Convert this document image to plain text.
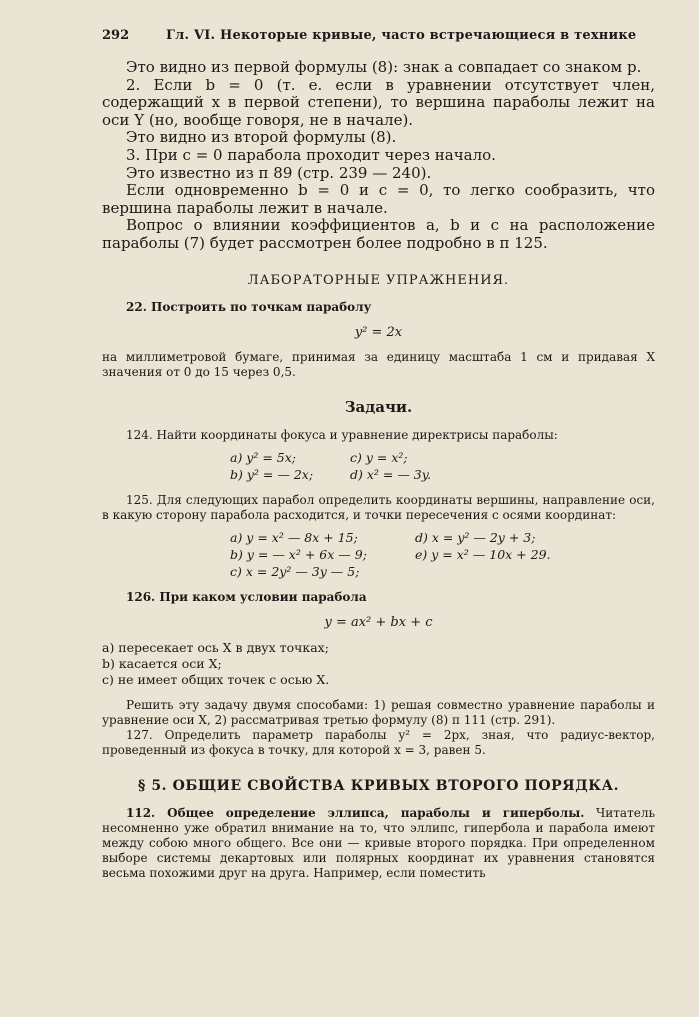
292	Гл. VI. Некоторые кривые, часто встречающиеся в технике

Это видно из первой формулы (8): знак a совпадает со знаком p.

2. Если b = 0 (т. е. если в уравнении отсутствует член, содержащий x в первой степени), то вершина параболы лежит на оси Y (но, вообще говоря, не в начале).

Это видно из второй формулы (8).

3. При c = 0 парабола проходит через начало.

Это известно из п 89 (стр. 239 — 240).

Если одновременно b = 0 и c = 0, то легко сообразить, что вершина параболы лежит в начале.

Вопрос о влиянии коэффициентов a, b и c на расположение параболы (7) будет рассмотрен более подробно в п 125.

ЛАБОРАТОРНЫЕ УПРАЖНЕНИЯ.

22. Построить по точкам параболу

y² = 2x

на миллиметровой бумаге, принимая за единицу масштаба 1 см и придавая X значения от 0 до 15 через 0,5.

Задачи.

124. Найти координаты фокуса и уравнение директрисы параболы:

a) y² = 5x;	c) y = x²;
b) y² = — 2x;	d) x² = — 3y.

125. Для следующих парабол определить координаты вершины, направление оси, в какую сторону парабола расходится, и точки пересечения с осями координат:

a) y = x² — 8x + 15;	d) x = y² — 2y + 3;
b) y = — x² + 6x — 9;	e) y = x² — 10x + 29.
c) x = 2y² — 3y — 5;

126. При каком условии парабола

y = ax² + bx + c
a) пересекает ось X в двух точках;
b) касается оси X;
c) не имеет общих точек с осью X.

Решить эту задачу двумя способами: 1) решая совместно уравнение параболы и уравнение оси X, 2) рассматривая третью формулу (8) п 111 (стр. 291).

127. Определить параметр параболы y² = 2px, зная, что радиус-вектор, проведенный из фокуса в точку, для которой x = 3, равен 5.

§ 5. ОБЩИЕ СВОЙСТВА КРИВЫХ ВТОРОГО ПОРЯДКА.

112. Общее определение эллипса, параболы и гиперболы. Читатель несомненно уже обратил внимание на то, что эллипс, гипербола и парабола имеют между собою много общего. Все они — кривые второго порядка. При определенном выборе системы декартовых или полярных координат их уравнения становятся весьма похожими друг на друга. Например, если поместить
